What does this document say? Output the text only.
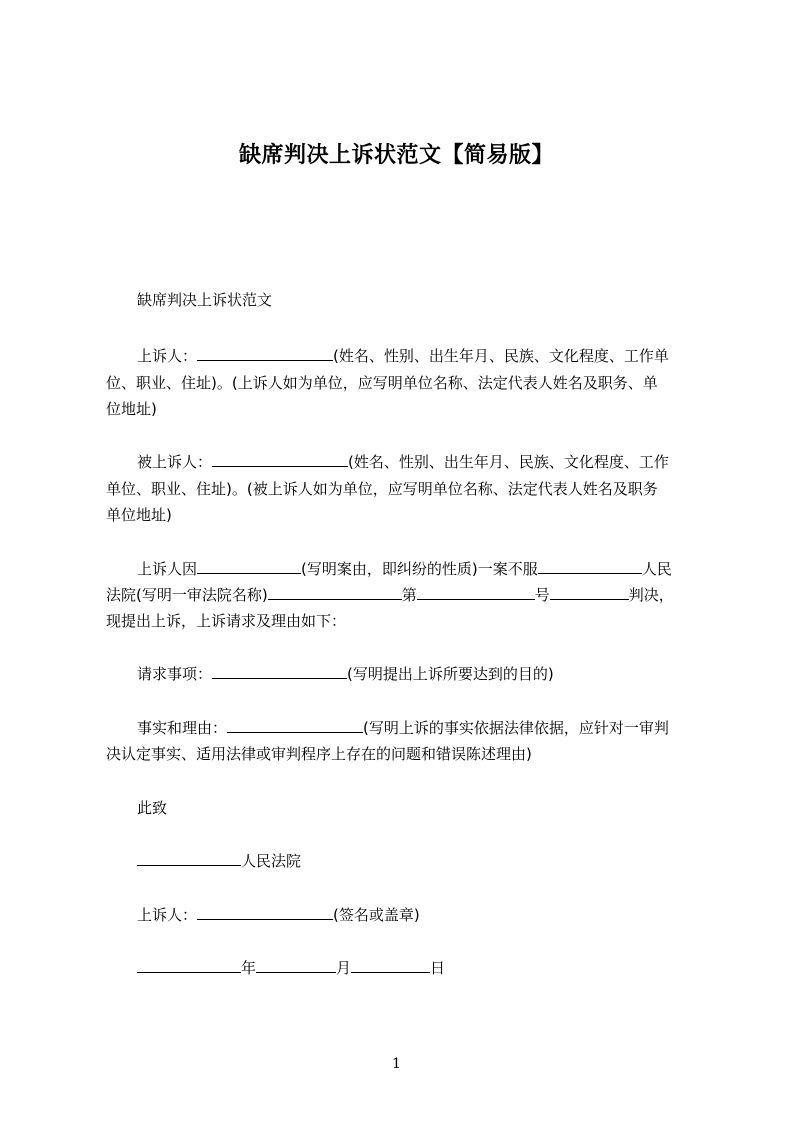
缺席判决上诉状范文【简易版】
缺席判决上诉状范文
上诉人：	(姓名、性别、出生年月、民族、文化程度、工作单
位、职业、住址)。(上诉人如为单位，应写明单位名称、法定代表人姓名及职务、单
位地址)
被上诉人：	(姓名、性别、出生年月、民族、文化程度、工作
单位、职业、住址)。(被上诉人如为单位，应写明单位名称、法定代表人姓名及职务
单位地址)
上诉人因	(写明案由，即纠纷的性质)一案不服	人民
法院(写明一审法院名称)	第	号	判决，
现提出上诉，上诉请求及理由如下：
请求事项：	(写明提出上诉所要达到的目的)
事实和理由：	(写明上诉的事实依据法律依据，应针对一审判
决认定事实、适用法律或审判程序上存在的问题和错误陈述理由)
此致
人民法院
上诉人：	(签名或盖章)
年	月	日
1
